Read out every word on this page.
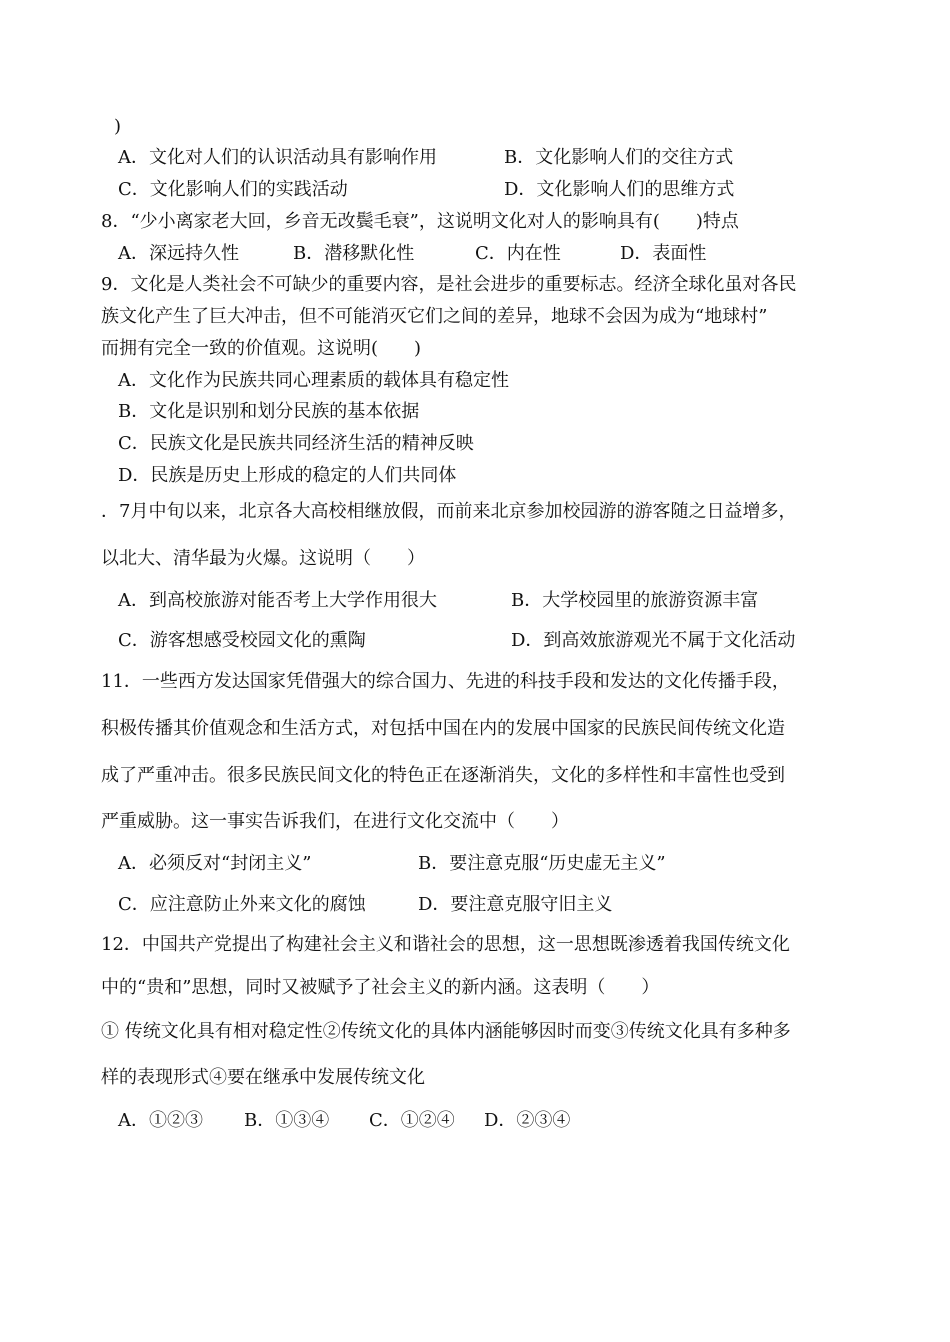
)
A．文化对人们的认识活动具有影响作用	B．文化影响人们的交往方式
C．文化影响人们的实践活动	D．文化影响人们的思维方式
8．“少小离家老大回，乡音无改鬓毛衰”，这说明文化对人的影响具有(　　)特点
A．深远持久性	B．潜移默化性	C．内在性	D．表面性
9．文化是人类社会不可缺少的重要内容，是社会进步的重要标志。经济全球化虽对各民
族文化产生了巨大冲击，但不可能消灭它们之间的差异，地球不会因为成为“地球村”
而拥有完全一致的价值观。这说明(　　)
A．文化作为民族共同心理素质的载体具有稳定性
B．文化是识别和划分民族的基本依据
C．民族文化是民族共同经济生活的精神反映
D．民族是历史上形成的稳定的人们共同体
．7月中旬以来，北京各大高校相继放假，而前来北京参加校园游的游客随之日益增多，
以北大、清华最为火爆。这说明（　　）
A．到高校旅游对能否考上大学作用很大	B．大学校园里的旅游资源丰富
C．游客想感受校园文化的熏陶	D．到高效旅游观光不属于文化活动
11．一些西方发达国家凭借强大的综合国力、先进的科技手段和发达的文化传播手段，
积极传播其价值观念和生活方式，对包括中国在内的发展中国家的民族民间传统文化造
成了严重冲击。很多民族民间文化的特色正在逐渐消失，文化的多样性和丰富性也受到
严重威胁。这一事实告诉我们，在进行文化交流中（　　）
A．必须反对“封闭主义”	B．要注意克服“历史虚无主义”
C．应注意防止外来文化的腐蚀	D．要注意克服守旧主义
12．中国共产党提出了构建社会主义和谐社会的思想，这一思想既渗透着我国传统文化
中的“贵和”思想，同时又被赋予了社会主义的新内涵。这表明（　　）
① 传统文化具有相对稳定性②传统文化的具体内涵能够因时而变③传统文化具有多种多
样的表现形式④要在继承中发展传统文化
A．①②③ B．①③④ C．①②④ D．②③④
